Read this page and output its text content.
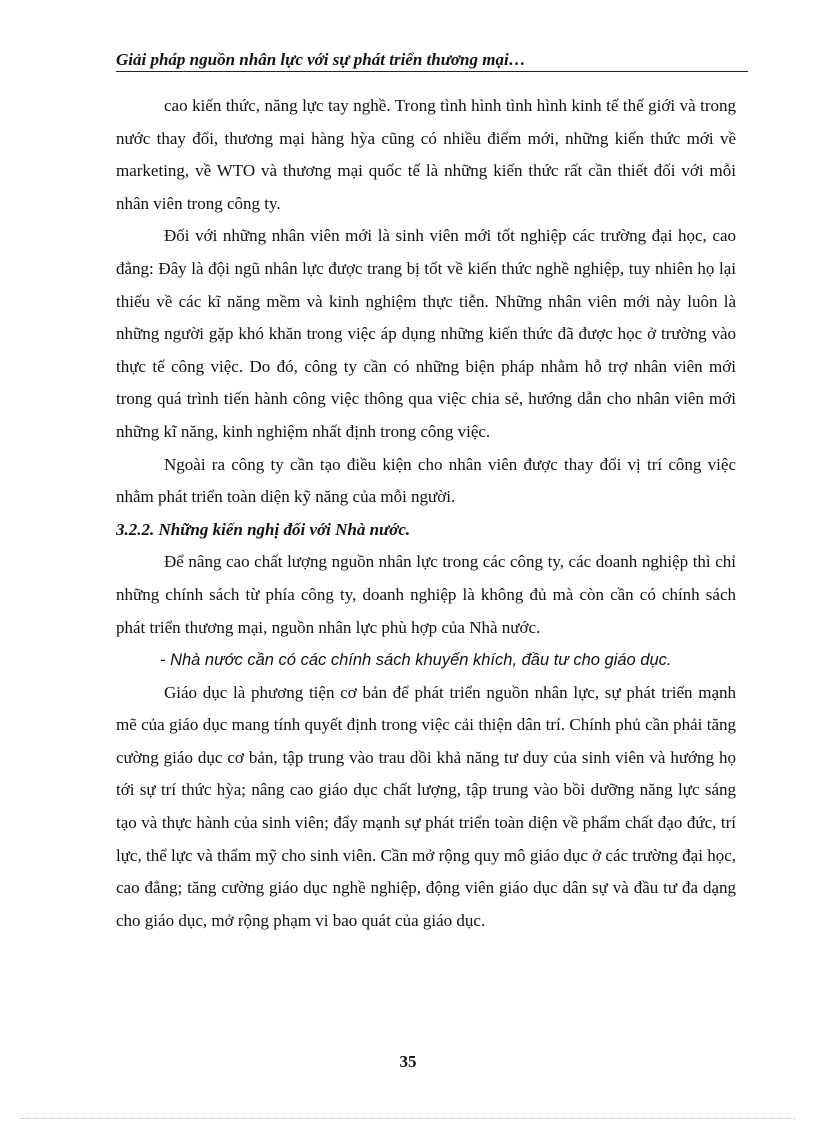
Giải pháp nguồn nhân lực với sự phát triển thương mại…

cao kiến thức, năng lực tay nghề. Trong tình hình tình hình kinh tế thế giới và trong nước thay đổi, thương mại hàng hỳa cũng có nhiều điểm mới, những kiến thức mới về marketing, về WTO và thương mại quốc tế là những kiến thức rất cần thiết đối với mỗi nhân viên trong công ty.

Đối với những nhân viên mới là sinh viên mới tốt nghiệp các trường đại học, cao đẳng: Đây là đội ngũ nhân lực được trang bị tốt về kiến thức nghề nghiệp, tuy nhiên họ lại thiếu về các kĩ năng mềm và kinh nghiệm thực tiễn. Những nhân viên mới này luôn là những người gặp khó khăn trong việc áp dụng những kiến thức đã được học ở trường vào thực tế công việc. Do đó, công ty cần có những biện pháp nhằm hỗ trợ nhân viên mới trong quá trình tiến hành công việc thông qua việc chia sẻ, hướng dẫn cho nhân viên mới những kĩ năng, kinh nghiệm nhất định trong công việc.

Ngoài ra công ty cần tạo điều kiện cho nhân viên được thay đổi vị trí công việc nhằm phát triển toàn diện kỹ năng của mỗi người.

3.2.2. Những kiến nghị đối với Nhà nước.

Để nâng cao chất lượng nguồn nhân lực trong các công ty, các doanh nghiệp thì chỉ những chính sách từ phía công ty, doanh nghiệp là không đủ mà còn cần có chính sách phát triển thương mại, nguồn nhân lực phù hợp của Nhà nước.

- Nhà nước cần có các chính sách khuyến khích, đầu tư cho giáo dục.

Giáo dục là phương tiện cơ bản để phát triển nguồn nhân lực, sự phát triển mạnh mẽ của giáo dục mang tính quyết định trong việc cải thiện dân trí. Chính phủ cần phải tăng cường giáo dục cơ bản, tập trung vào trau dồi khả năng tư duy của sinh viên và hướng họ tới sự trí thức hỳa; nâng cao giáo dục chất lượng, tập trung vào bồi dưỡng năng lực sáng tạo và thực hành của sinh viên; đẩy mạnh sự phát triển toàn diện về phẩm chất đạo đức, trí lực, thể lực và thẩm mỹ cho sinh viên. Cần mở rộng quy mô giáo dục ở các trường đại học, cao đẳng; tăng cường giáo dục nghề nghiệp, động viên giáo dục dân sự và đầu tư đa dạng cho giáo dục, mở rộng phạm vi bao quát của giáo dục.

35
